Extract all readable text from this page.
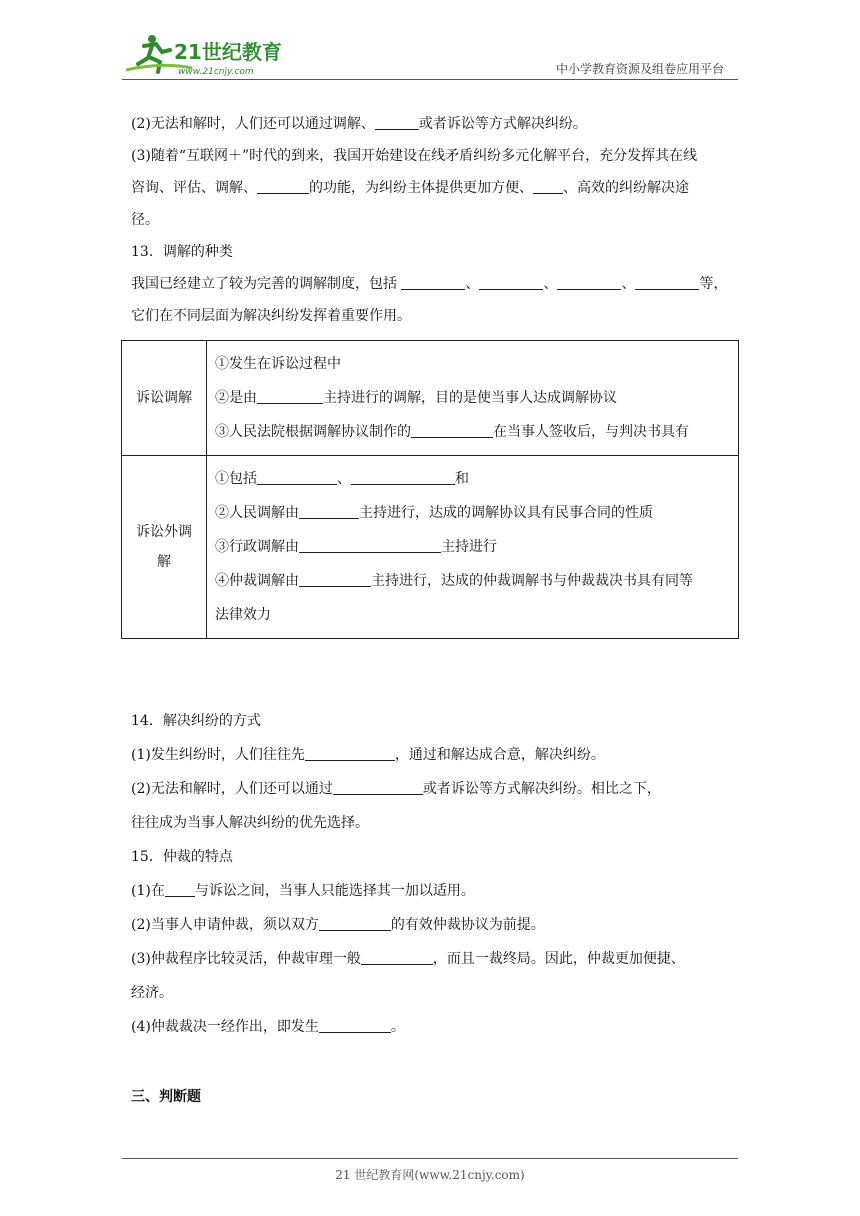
21世纪教育
www.21cnjy.com	中小学教育资源及组卷应用平台
(2)无法和解时，人们还可以通过调解、	或者诉讼等方式解决纠纷。
(3)随着“互联网＋”时代的到来，我国开始建设在线矛盾纠纷多元化解平台，充分发挥其在线
咨询、评估、调解、	的功能，为纠纷主体提供更加方便、 、高效的纠纷解决途
径。
13．调解的种类
我国已经建立了较为完善的调解制度，包括	、	、	、	等，
它们在不同层面为解决纠纷发挥着重要作用。
诉讼调解	①发生在诉讼过程中
②是由 主持进行的调解，目的是使当事人达成调解协议
③人民法院根据调解协议制作的 在当事人签收后，与判决书具有

诉讼外调解	①包括 、 和
②人民调解由 主持进行，达成的调解协议具有民事合同的性质
③行政调解由 主持进行
④仲裁调解由 主持进行，达成的仲裁调解书与仲裁裁决书具有同等
法律效力
14．解决纠纷的方式
(1)发生纠纷时，人们往往先	，通过和解达成合意，解决纠纷。
(2)无法和解时，人们还可以通过	或者诉讼等方式解决纠纷。相比之下，
往往成为当事人解决纠纷的优先选择。
15．仲裁的特点
(1)在 与诉讼之间，当事人只能选择其一加以适用。
(2)当事人申请仲裁，须以双方	的有效仲裁协议为前提。
(3)仲裁程序比较灵活，仲裁审理一般	，而且一裁终局。因此，仲裁更加便捷、
经济。
(4)仲裁裁决一经作出，即发生	。
三、判断题
21 世纪教育网(www.21cnjy.com)
